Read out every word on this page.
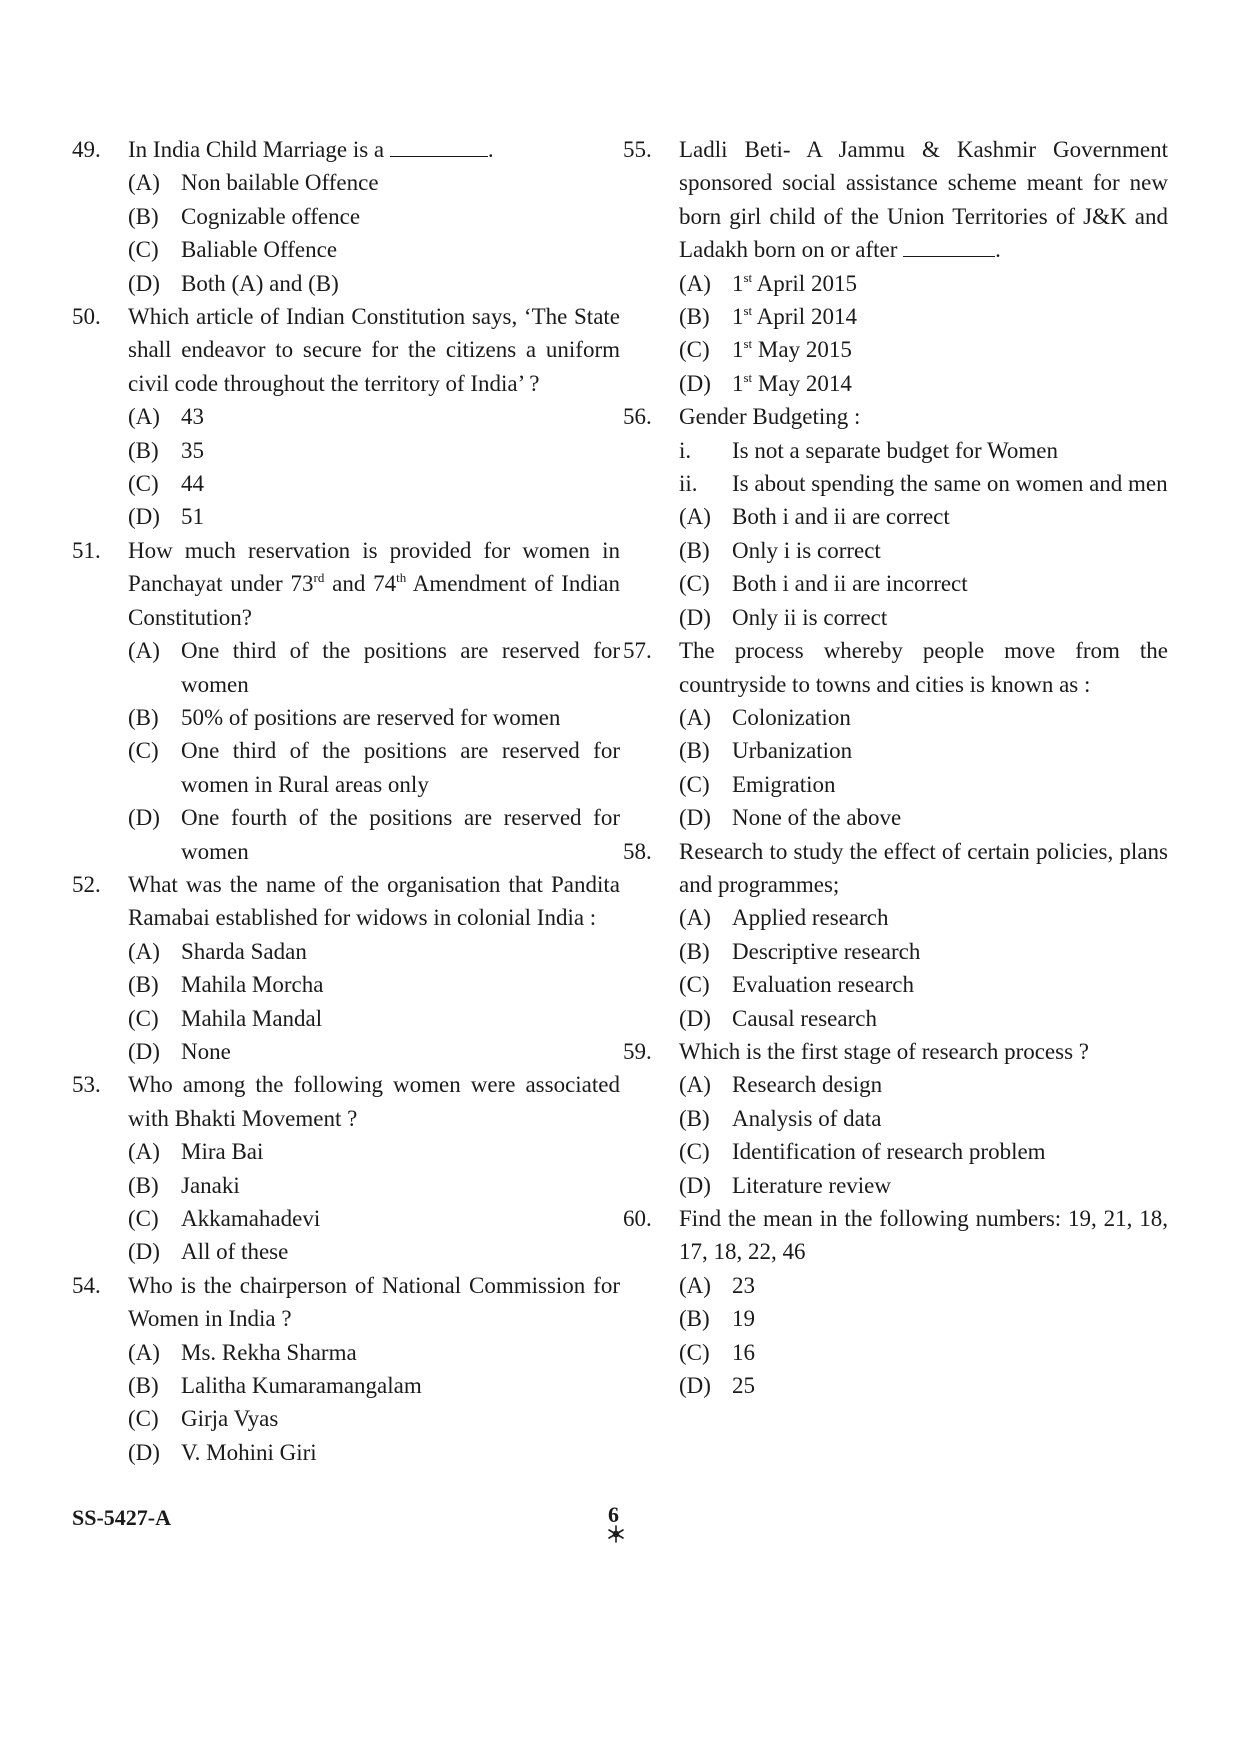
49. In India Child Marriage is a	.
(A) Non bailable Offence
(B) Cognizable offence
(C) Baliable Offence
(D) Both (A) and (B)
50. Which article of Indian Constitution says, ‘The State shall endeavor to secure for the citizens a uniform civil code throughout the territory of India’ ?
(A) 43
(B) 35
(C) 44
(D) 51
51. How much reservation is provided for women in Panchayat under 73rd and 74th Amendment of Indian Constitution?
(A) One third of the positions are reserved for women
(B) 50% of positions are reserved for women
(C) One third of the positions are reserved for women in Rural areas only
(D) One fourth of the positions are reserved for women
52. What was the name of the organisation that Pandita Ramabai established for widows in colonial India :
(A) Sharda Sadan
(B) Mahila Morcha
(C) Mahila Mandal
(D) None
53. Who among the following women were associated with Bhakti Movement ?
(A) Mira Bai
(B) Janaki
(C) Akkamahadevi
(D) All of these
54. Who is the chairperson of National Commission for Women in India ?
(A) Ms. Rekha Sharma
(B) Lalitha Kumaramangalam
(C) Girja Vyas
(D) V. Mohini Giri
55. Ladli Beti- A Jammu & Kashmir Government sponsored social assistance scheme meant for new born girl child of the Union Territories of J&K and Ladakh born on or after	.
(A) 1st April 2015
(B) 1st April 2014
(C) 1st May 2015
(D) 1st May 2014
56. Gender Budgeting :
i. Is not a separate budget for Women
ii. Is about spending the same on women and men
(A) Both i and ii are correct
(B) Only i is correct
(C) Both i and ii are incorrect
(D) Only ii is correct
57. The process whereby people move from the countryside to towns and cities is known as :
(A) Colonization
(B) Urbanization
(C) Emigration
(D) None of the above
58. Research to study the effect of certain policies, plans and programmes;
(A) Applied research
(B) Descriptive research
(C) Evaluation research
(D) Causal research
59. Which is the first stage of research process ?
(A) Research design
(B) Analysis of data
(C) Identification of research problem
(D) Literature review
60. Find the mean in the following numbers: 19, 21, 18, 17, 18, 22, 46
(A) 23
(B) 19
(C) 16
(D) 25
SS-5427-A	6
